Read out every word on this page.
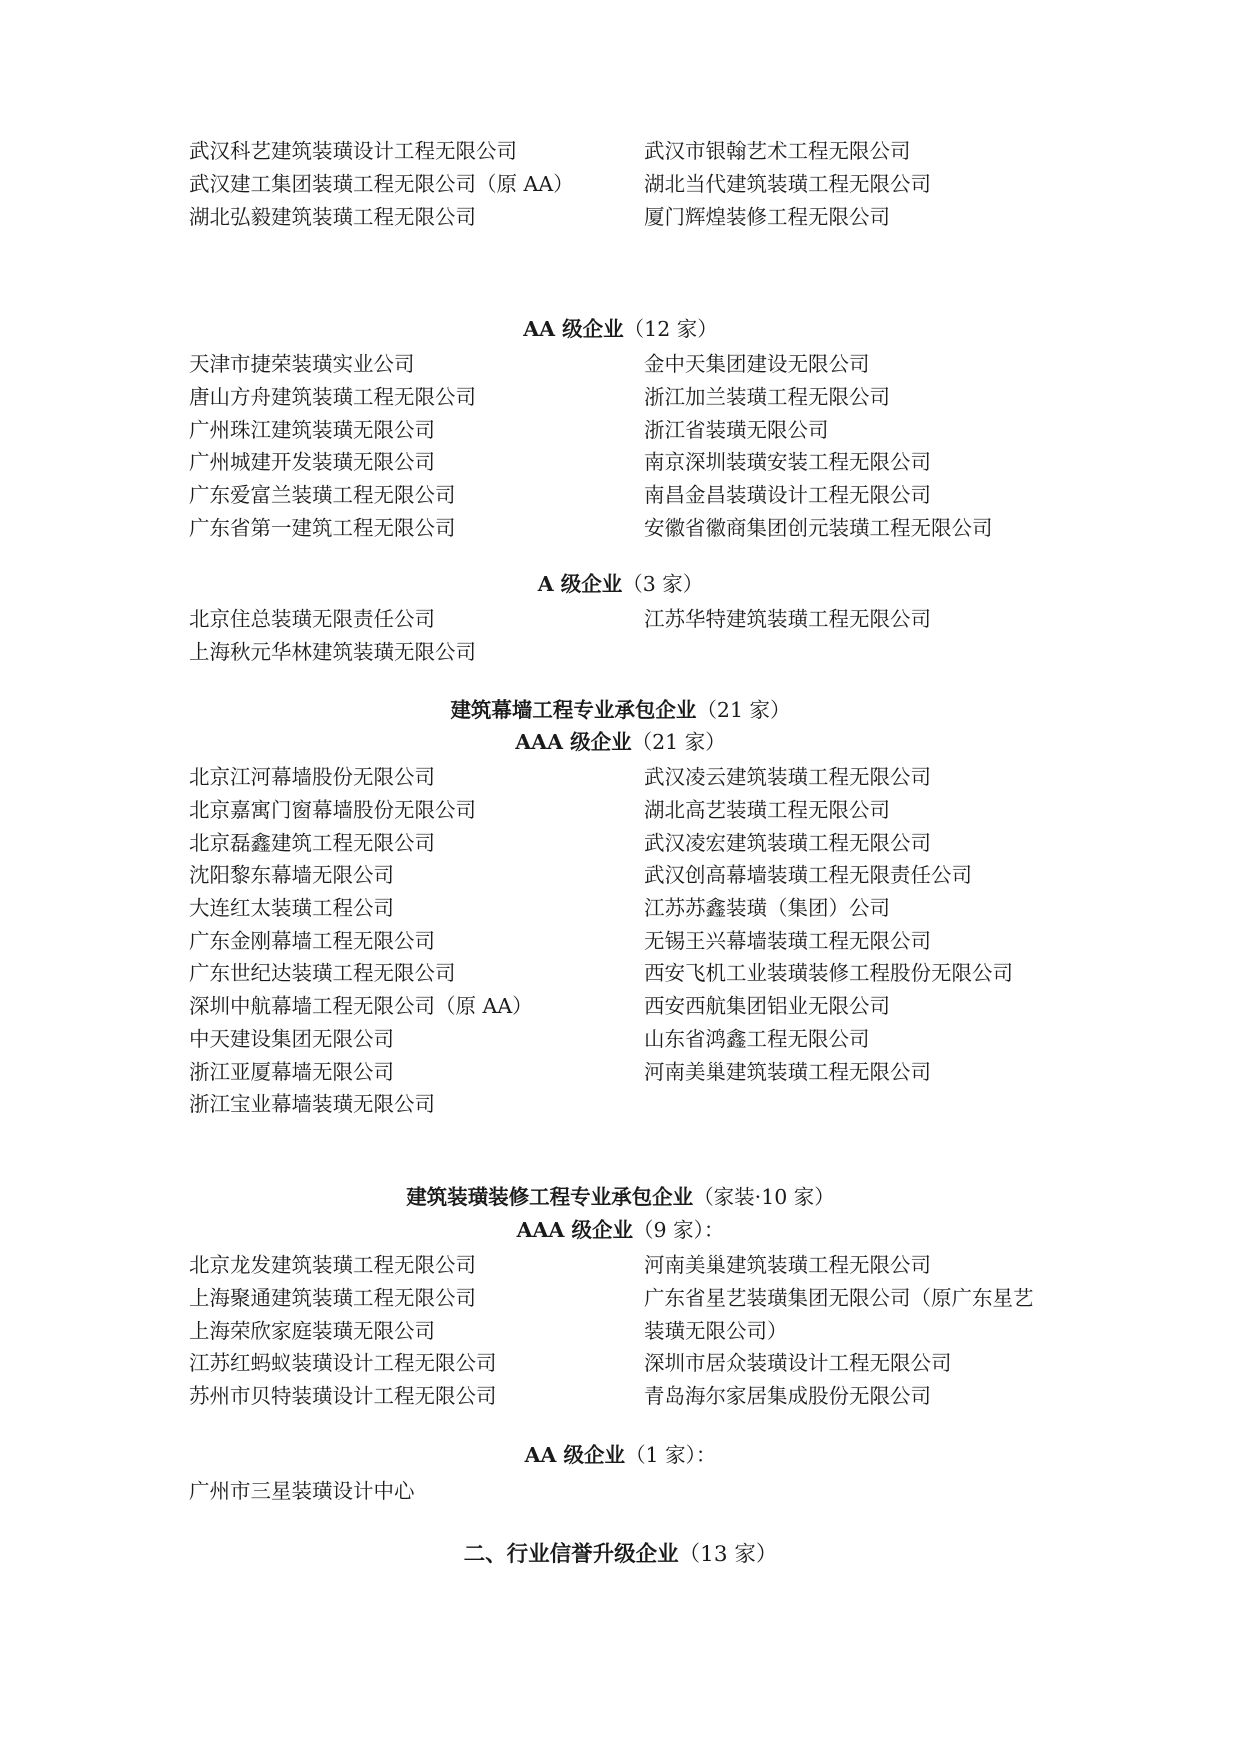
武汉科艺建筑装璜设计工程无限公司	武汉市银翰艺术工程无限公司
武汉建工集团装璜工程无限公司（原 AA）	湖北当代建筑装璜工程无限公司
湖北弘毅建筑装璜工程无限公司	厦门辉煌装修工程无限公司
AA 级企业（12 家）
天津市捷荣装璜实业公司	金中天集团建设无限公司
唐山方舟建筑装璜工程无限公司	浙江加兰装璜工程无限公司
广州珠江建筑装璜无限公司	浙江省装璜无限公司
广州城建开发装璜无限公司	南京深圳装璜安装工程无限公司
广东爱富兰装璜工程无限公司	南昌金昌装璜设计工程无限公司
广东省第一建筑工程无限公司	安徽省徽商集团创元装璜工程无限公司
A 级企业（3 家）
北京住总装璜无限责任公司	江苏华特建筑装璜工程无限公司
上海秋元华林建筑装璜无限公司
建筑幕墙工程专业承包企业（21 家）
AAA 级企业（21 家）
北京江河幕墙股份无限公司	武汉凌云建筑装璜工程无限公司
北京嘉寓门窗幕墙股份无限公司	湖北高艺装璜工程无限公司
北京磊鑫建筑工程无限公司	武汉凌宏建筑装璜工程无限公司
沈阳黎东幕墙无限公司	武汉创高幕墙装璜工程无限责任公司
大连红太装璜工程公司	江苏苏鑫装璜（集团）公司
广东金刚幕墙工程无限公司	无锡王兴幕墙装璜工程无限公司
广东世纪达装璜工程无限公司	西安飞机工业装璜装修工程股份无限公司
深圳中航幕墙工程无限公司（原 AA）	西安西航集团铝业无限公司
中天建设集团无限公司	山东省鸿鑫工程无限公司
浙江亚厦幕墙无限公司	河南美巢建筑装璜工程无限公司
浙江宝业幕墙装璜无限公司
建筑装璜装修工程专业承包企业（家装·10 家）
AAA 级企业（9 家）：
北京龙发建筑装璜工程无限公司	河南美巢建筑装璜工程无限公司
上海聚通建筑装璜工程无限公司	广东省星艺装璜集团无限公司（原广东星艺
上海荣欣家庭装璜无限公司	装璜无限公司）
江苏红蚂蚁装璜设计工程无限公司	深圳市居众装璜设计工程无限公司
苏州市贝特装璜设计工程无限公司	青岛海尔家居集成股份无限公司
AA 级企业（1 家）：
广州市三星装璜设计中心
二、行业信誉升级企业（13 家）
